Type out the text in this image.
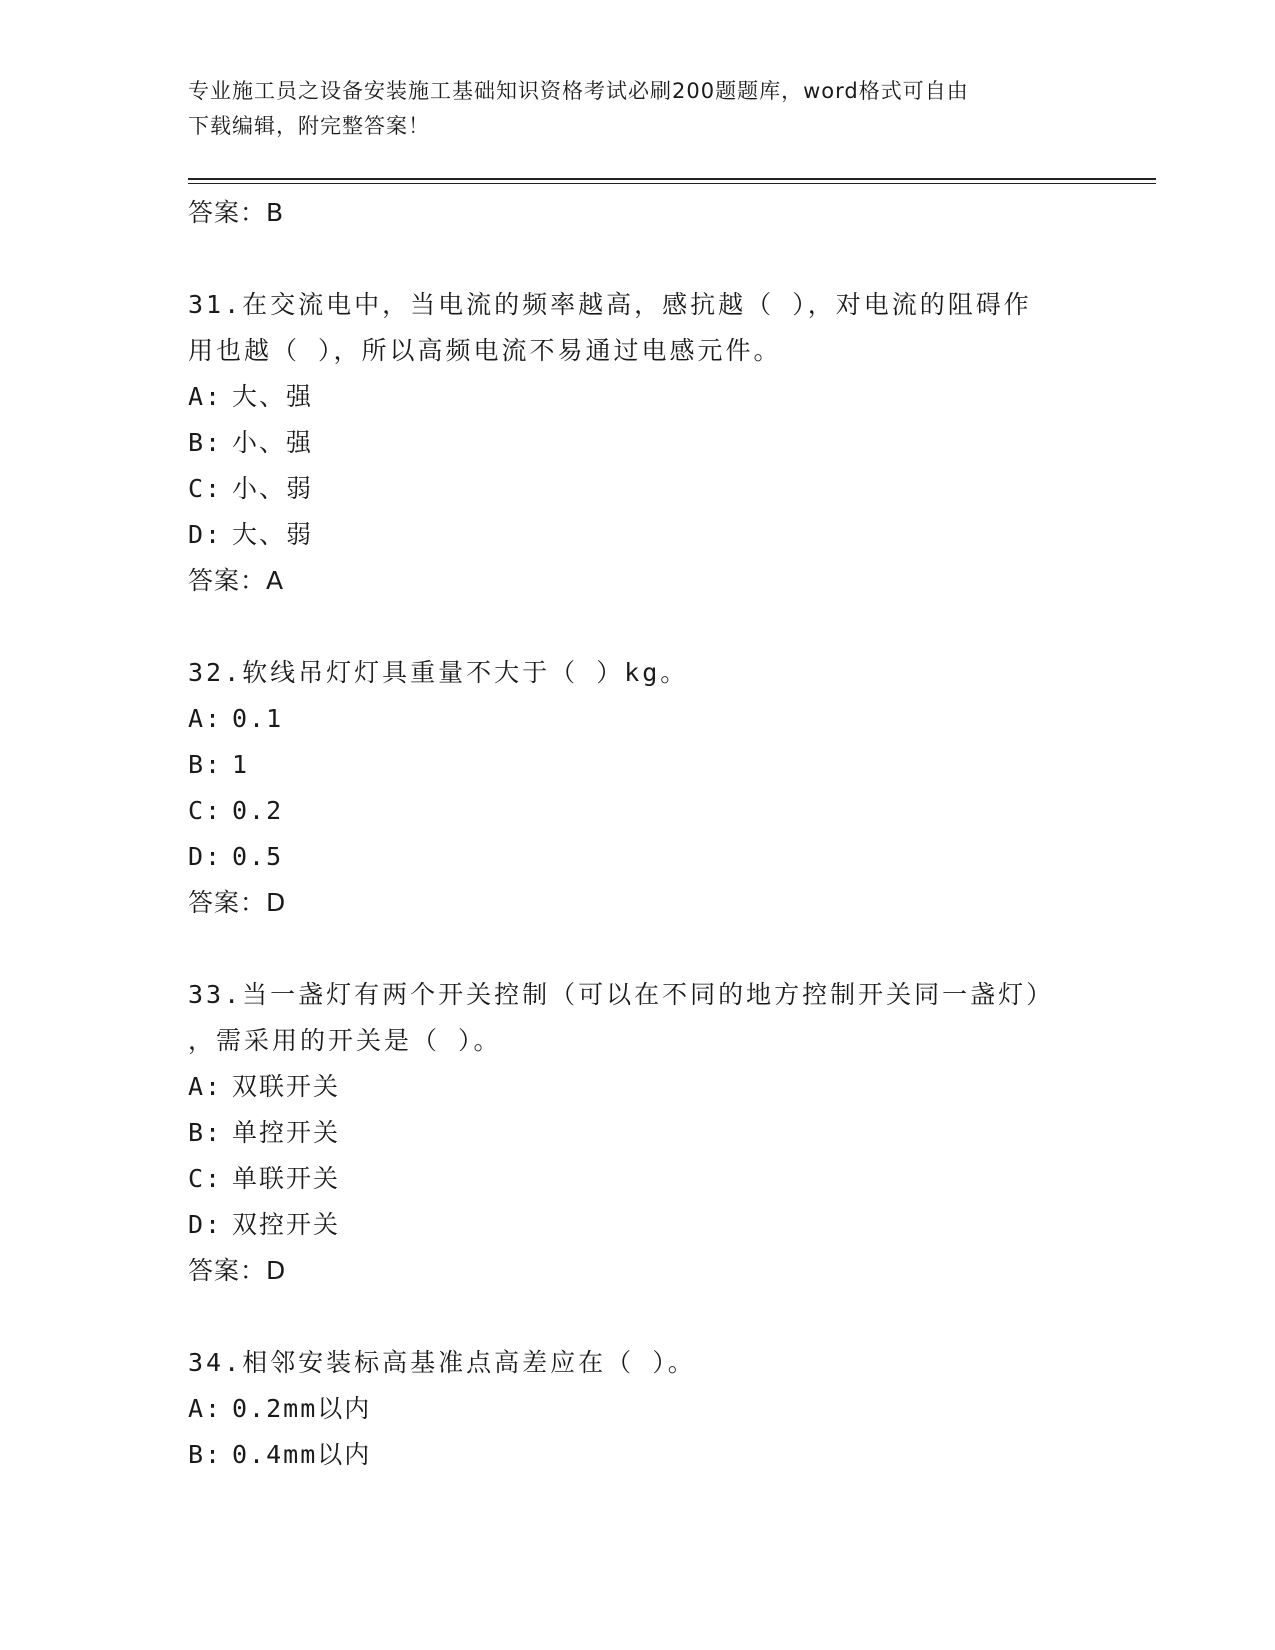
专业施工员之设备安装施工基础知识资格考试必刷200题题库，word格式可自由
下载编辑，附完整答案！
答案：B
31.在交流电中，当电流的频率越高，感抗越（ ），对电流的阻碍作
用也越（ ），所以高频电流不易通过电感元件。
A: 大、强
B: 小、强
C: 小、弱
D: 大、弱
答案：A
32.软线吊灯灯具重量不大于（ ）kg。
A: 0.1
B: 1
C: 0.2
D: 0.5
答案：D
33.当一盏灯有两个开关控制（可以在不同的地方控制开关同一盏灯）
，需采用的开关是（ ）。
A: 双联开关
B: 单控开关
C: 单联开关
D: 双控开关
答案：D
34.相邻安装标高基准点高差应在（ ）。
A: 0.2mm以内
B: 0.4mm以内
